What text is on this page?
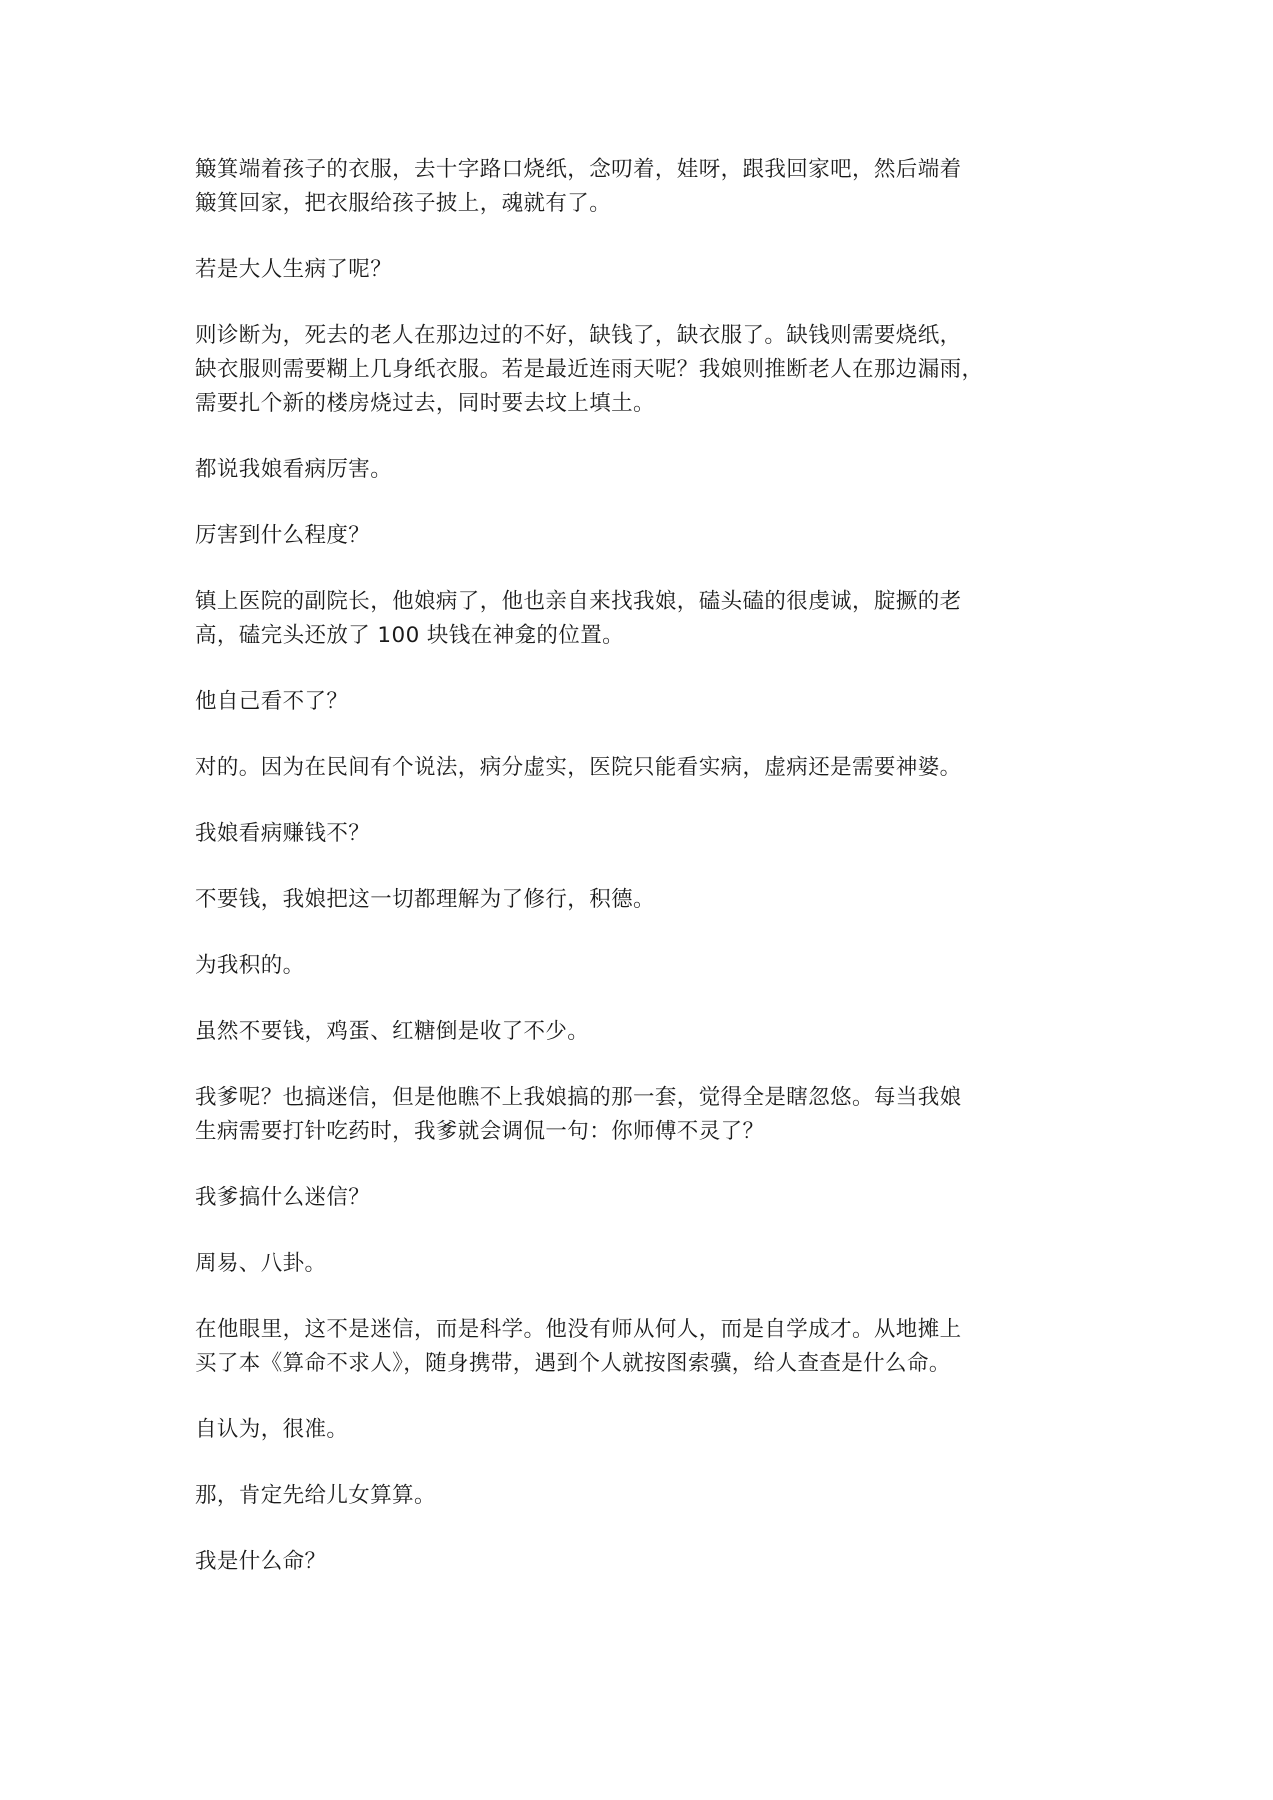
簸箕端着孩子的衣服，去十字路口烧纸，念叨着，娃呀，跟我回家吧，然后端着
簸箕回家，把衣服给孩子披上，魂就有了。

若是大人生病了呢？

则诊断为，死去的老人在那边过的不好，缺钱了，缺衣服了。缺钱则需要烧纸，
缺衣服则需要糊上几身纸衣服。若是最近连雨天呢？我娘则推断老人在那边漏雨，
需要扎个新的楼房烧过去，同时要去坟上填土。

都说我娘看病厉害。

厉害到什么程度？

镇上医院的副院长，他娘病了，他也亲自来找我娘，磕头磕的很虔诚，腚撅的老
高，磕完头还放了 100 块钱在神龛的位置。

他自己看不了？

对的。因为在民间有个说法，病分虚实，医院只能看实病，虚病还是需要神婆。

我娘看病赚钱不？

不要钱，我娘把这一切都理解为了修行，积德。

为我积的。

虽然不要钱，鸡蛋、红糖倒是收了不少。

我爹呢？也搞迷信，但是他瞧不上我娘搞的那一套，觉得全是瞎忽悠。每当我娘
生病需要打针吃药时，我爹就会调侃一句：你师傅不灵了？

我爹搞什么迷信？

周易、八卦。

在他眼里，这不是迷信，而是科学。他没有师从何人，而是自学成才。从地摊上
买了本《算命不求人》，随身携带，遇到个人就按图索骥，给人查查是什么命。

自认为，很准。

那，肯定先给儿女算算。

我是什么命？
